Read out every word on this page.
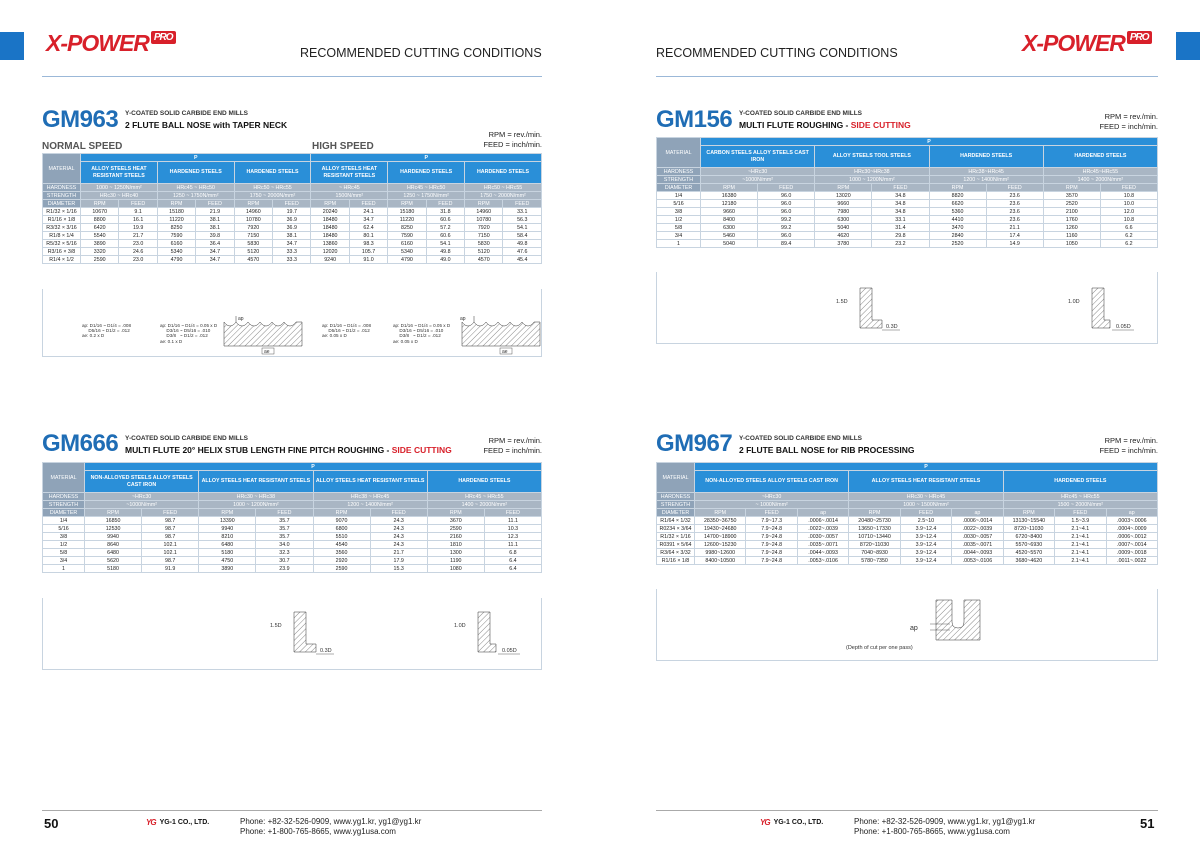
X-POWER PRO
RECOMMENDED CUTTING CONDITIONS	X-POWER PRO
RECOMMENDED CUTTING CONDITIONS
GM963 Y-COATED SOLID CARBIDE END MILLS
2 FLUTE BALL NOSE with TAPER NECK
RPM = rev./min.
FEED = inch/min.
NORMAL SPEED	HIGH SPEED
MATERIAL	P						P					
	ALLOY STEELS HEAT RESISTANT STEELS		HARDENED STEELS		HARDENED STEELS		ALLOY STEELS HEAT RESISTANT STEELS		HARDENED STEELS		HARDENED STEELS	
HARDNESS	1000 ~ 1250N/mm²		HRc45 ~ HRc50		HRc50 ~ HRc55		~ HRc45		HRc45 ~ HRc50		HRc50 ~ HRc55	
STRENGTH	HRc30 ~ HRc40		1250 ~ 1750N/mm²		1750 ~ 2000N/mm²		1500N/mm²		1250 ~ 1750N/mm²		1750 ~ 2000N/mm²	
DIAMETER	RPM	FEED	RPM	FEED	RPM	FEED	RPM	FEED	RPM	FEED	RPM	FEED
R1/32 × 1/16	10670	9.1	15180	21.9	14960	19.7	20240	24.1	15180	31.8	14960	33.1
R1/16 × 1/8	8800	16.1	11220	38.1	10780	36.9	18480	34.7	11220	60.6	10780	56.3
R3/32 × 3/16	6420	19.9	8250	38.1	7920	36.9	18480	62.4	8250	57.2	7920	54.1
R1/8 × 1/4	5540	21.7	7590	39.8	7150	38.1	18480	80.1	7590	60.6	7150	58.4
R5/32 × 5/16	3890	23.0	6160	36.4	5830	34.7	13860	98.3	6160	54.1	5830	49.8
R3/16 × 3/8	3320	24.6	5340	34.7	5120	33.3	12020	105.7	5340	49.8	5120	47.6
R1/4 × 1/2	2590	23.0	4790	34.7	4570	33.3	9240	91.0	4790	49.0	4570	45.4
ap: D1/16 ~ D1/4 = .008
D5/16 ~ D1/2 = .012
ae: 0.2 x D
ap: D1/16 ~ D1/4 = 0.05 x D
D3/16 ~ D5/16 = .010
D3/8   ~ D1/2 = .012
ae: 0.1 x D
ap: D1/16 ~ D1/4 = .008
D5/16 ~ D1/2 = .012
ae: 0.05 x D
ap: D1/16 ~ D1/4 = 0.05 x D
D3/16 ~ D5/16 = .010
D3/8   ~ D1/2 = .012
ae: 0.05 x D
ap
ae
ap
ae
GM156 Y-COATED SOLID CARBIDE END MILLS
MULTI FLUTE ROUGHING - SIDE CUTTING
RPM = rev./min.
FEED = inch/min.
MATERIAL	P							
	CARBON STEELS ALLOY STEELS CAST IRON		ALLOY STEELS TOOL STEELS		HARDENED STEELS		HARDENED STEELS	
HARDNESS	~HRc30		HRc30~HRc38		HRc38~HRc45		HRc45~HRc55	
STRENGTH	~1000N/mm²		1000 ~ 1200N/mm²		1200 ~ 1400N/mm²		1400 ~ 2000N/mm²	
DIAMETER	RPM	FEED	RPM	FEED	RPM	FEED	RPM	FEED
1/4	16380	96.0	13020	34.8	8820	23.6	3570	10.8
5/16	12180	96.0	9660	34.8	6620	23.6	2520	10.0
3/8	9660	96.0	7980	34.8	5360	23.6	2100	12.0
1/2	8400	99.2	6300	33.1	4410	23.6	1760	10.8
5/8	6300	99.2	5040	31.4	3470	21.1	1260	6.6
3/4	5460	96.0	4620	29.8	2840	17.4	1160	6.2
1	5040	89.4	3780	23.2	2520	14.9	1050	6.2
1.5D
0.3D
1.0D
0.05D
GM666 Y-COATED SOLID CARBIDE END MILLS
MULTI FLUTE 20° HELIX STUB LENGTH FINE PITCH ROUGHING - SIDE CUTTING
RPM = rev./min.
FEED = inch/min.
MATERIAL	P							
	NON-ALLOYED STEELS ALLOY STEELS CAST IRON		ALLOY STEELS HEAT RESISTANT STEELS		ALLOY STEELS HEAT RESISTANT STEELS		HARDENED STEELS	
HARDNESS	~HRc30		HRc30 ~ HRc38		HRc38 ~ HRc45		HRc45 ~ HRc55	
STRENGTH	~1000N/mm²		1000 ~ 1200N/mm²		1200 ~ 1400N/mm²		1400 ~ 2000N/mm²	
DIAMETER	RPM	FEED	RPM	FEED	RPM	FEED	RPM	FEED
1/4	16850	98.7	13390	35.7	9070	24.3	3670	11.1
5/16	12530	98.7	9940	35.7	6800	24.3	2590	10.3
3/8	9940	98.7	8210	35.7	5510	24.3	2160	12.3
1/2	8640	102.1	6480	34.0	4540	24.3	1810	11.1
5/8	6480	102.1	5180	32.3	3560	21.7	1300	6.8
3/4	5620	98.7	4750	30.7	2920	17.9	1190	6.4
1	5180	91.9	3890	23.9	2590	15.3	1080	6.4
1.5D
0.3D
1.0D
0.05D
GM967 Y-COATED SOLID CARBIDE END MILLS
2 FLUTE BALL NOSE for RIB PROCESSING
RPM = rev./min.
FEED = inch/min.
MATERIAL	P								
	NON-ALLOYED STEELS ALLOY STEELS CAST IRON			ALLOY STEELS HEAT RESISTANT STEELS			HARDENED STEELS		
HARDNESS	~HRc30			HRc30 ~ HRc45			HRc45 ~ HRc55		
STRENGTH	~ 1000N/mm²			1000 ~ 1500N/mm²			1500 ~ 2000N/mm²		
DIAMETER	RPM	FEED	ap	RPM	FEED	ap	RPM	FEED	ap
R1/64 × 1/32	28350~36750	7.9~17.3	.0006~.0014	20480~25730	2.5~10	.0006~.0014	13130~15540	1.5~3.9	.0003~.0006
R0234 × 3/64	19430~24680	7.9~24.8	.0022~.0039	13650~17330	3.9~12.4	.0022~.0039	8720~11030	2.1~4.1	.0004~.0009
R1/32 × 1/16	14700~18900	7.9~24.8	.0030~.0057	10710~13440	3.9~12.4	.0030~.0057	6720~8400	2.1~4.1	.0006~.0012
R0391 × 5/64	12600~15230	7.9~24.8	.0035~.0071	8720~11030	3.9~12.4	.0035~.0071	5570~6930	2.1~4.1	.0007~.0014
R3/64 × 3/32	9980~12600	7.9~24.8	.0044~.0093	7040~8930	3.9~12.4	.0044~.0093	4520~5570	2.1~4.1	.0009~.0018
R1/16 × 1/8	8400~10500	7.9~24.8	.0053~.0106	5780~7350	3.9~12.4	.0053~.0106	3680~4620	2.1~4.1	.0011~.0022
ap
(Depth of cut per one pass)
50	YG YG-1 CO., LTD.	Phone: +82-32-526-0909, www.yg1.kr, yg1@yg1.kr
Phone: +1-800-765-8665, www.yg1usa.com
YG YG-1 CO., LTD.	Phone: +82-32-526-0909, www.yg1.kr, yg1@yg1.kr
Phone: +1-800-765-8665, www.yg1usa.com
51
